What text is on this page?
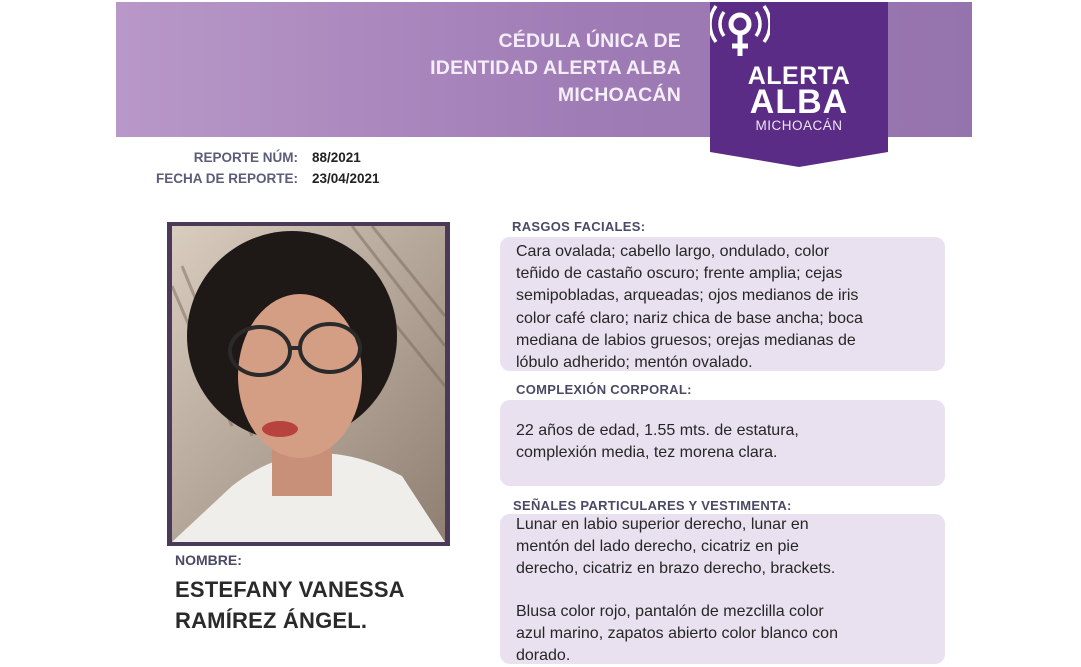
CÉDULA ÚNICA DE
IDENTIDAD ALERTA ALBA
MICHOACÁN
ALERTA
ALBA
MICHOACÁN
REPORTE NÚM: 88/2021
FECHA DE REPORTE: 23/04/2021
NOMBRE:
ESTEFANY VANESSA
RAMÍREZ ÁNGEL.
RASGOS FACIALES:
Cara ovalada; cabello largo, ondulado, color
teñido de castaño oscuro; frente amplia; cejas
semipobladas, arqueadas; ojos medianos de iris
color café claro; nariz chica de base ancha; boca
mediana de labios gruesos; orejas medianas de
lóbulo adherido; mentón ovalado.
COMPLEXIÓN CORPORAL:
22 años de edad, 1.55 mts. de estatura,
complexión media, tez morena clara.
SEÑALES PARTICULARES Y VESTIMENTA:
Lunar en labio superior derecho, lunar en
mentón del lado derecho, cicatriz en pie
derecho, cicatriz en brazo derecho, brackets.
Blusa color rojo, pantalón de mezclilla color
azul marino, zapatos abierto color blanco con
dorado.
